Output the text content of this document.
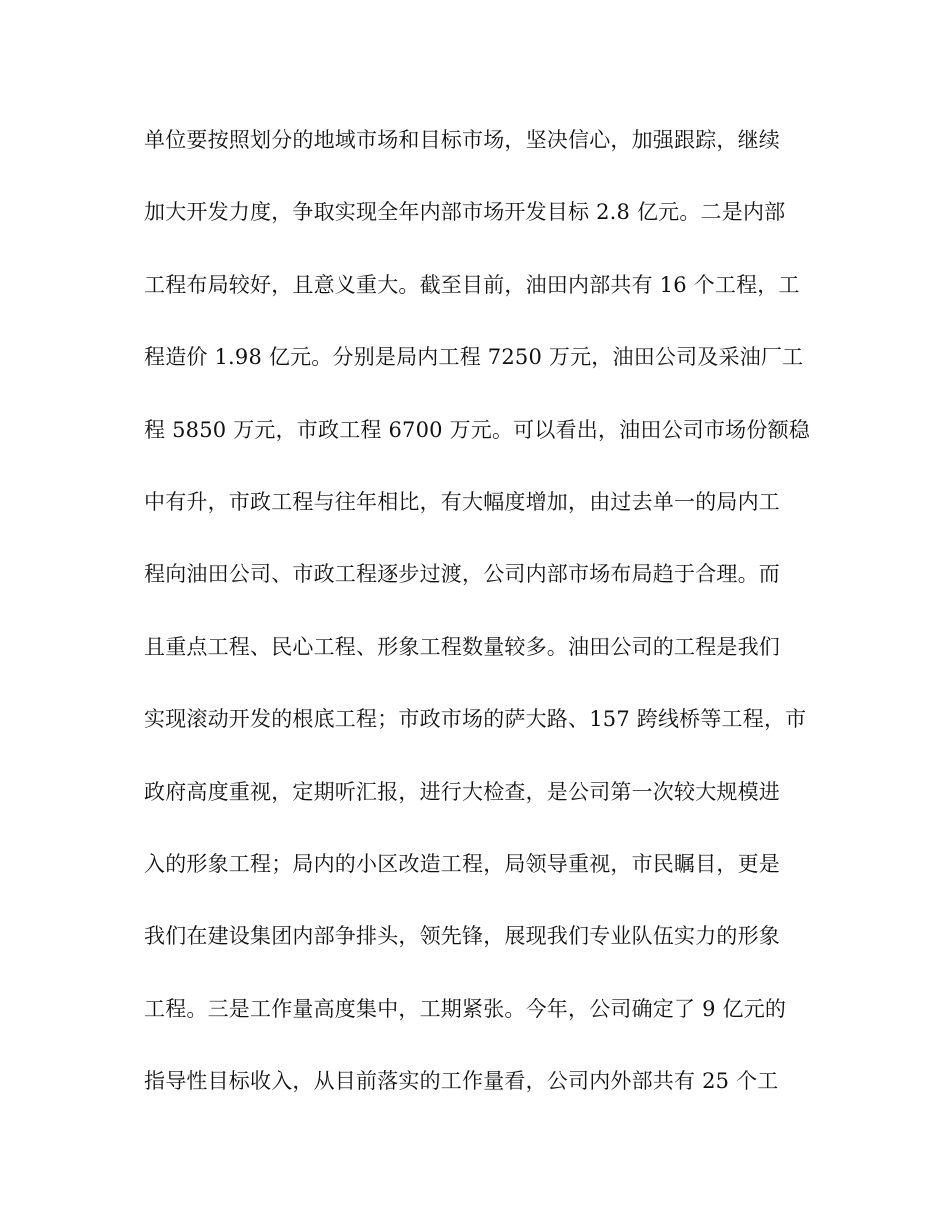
单位要按照划分的地域市场和目标市场，坚决信心，加强跟踪，继续
加大开发力度，争取实现全年内部市场开发目标 2.8 亿元。二是内部
工程布局较好，且意义重大。截至目前，油田内部共有 16 个工程，工
程造价 1.98 亿元。分别是局内工程 7250 万元，油田公司及采油厂工
程 5850 万元，市政工程 6700 万元。可以看出，油田公司市场份额稳
中有升，市政工程与往年相比，有大幅度增加，由过去单一的局内工
程向油田公司、市政工程逐步过渡，公司内部市场布局趋于合理。而
且重点工程、民心工程、形象工程数量较多。油田公司的工程是我们
实现滚动开发的根底工程；市政市场的萨大路、157 跨线桥等工程，市
政府高度重视，定期听汇报，进行大检查，是公司第一次较大规模进
入的形象工程；局内的小区改造工程，局领导重视，市民瞩目，更是
我们在建设集团内部争排头，领先锋，展现我们专业队伍实力的形象
工程。三是工作量高度集中，工期紧张。今年，公司确定了 9 亿元的
指导性目标收入，从目前落实的工作量看，公司内外部共有 25 个工
